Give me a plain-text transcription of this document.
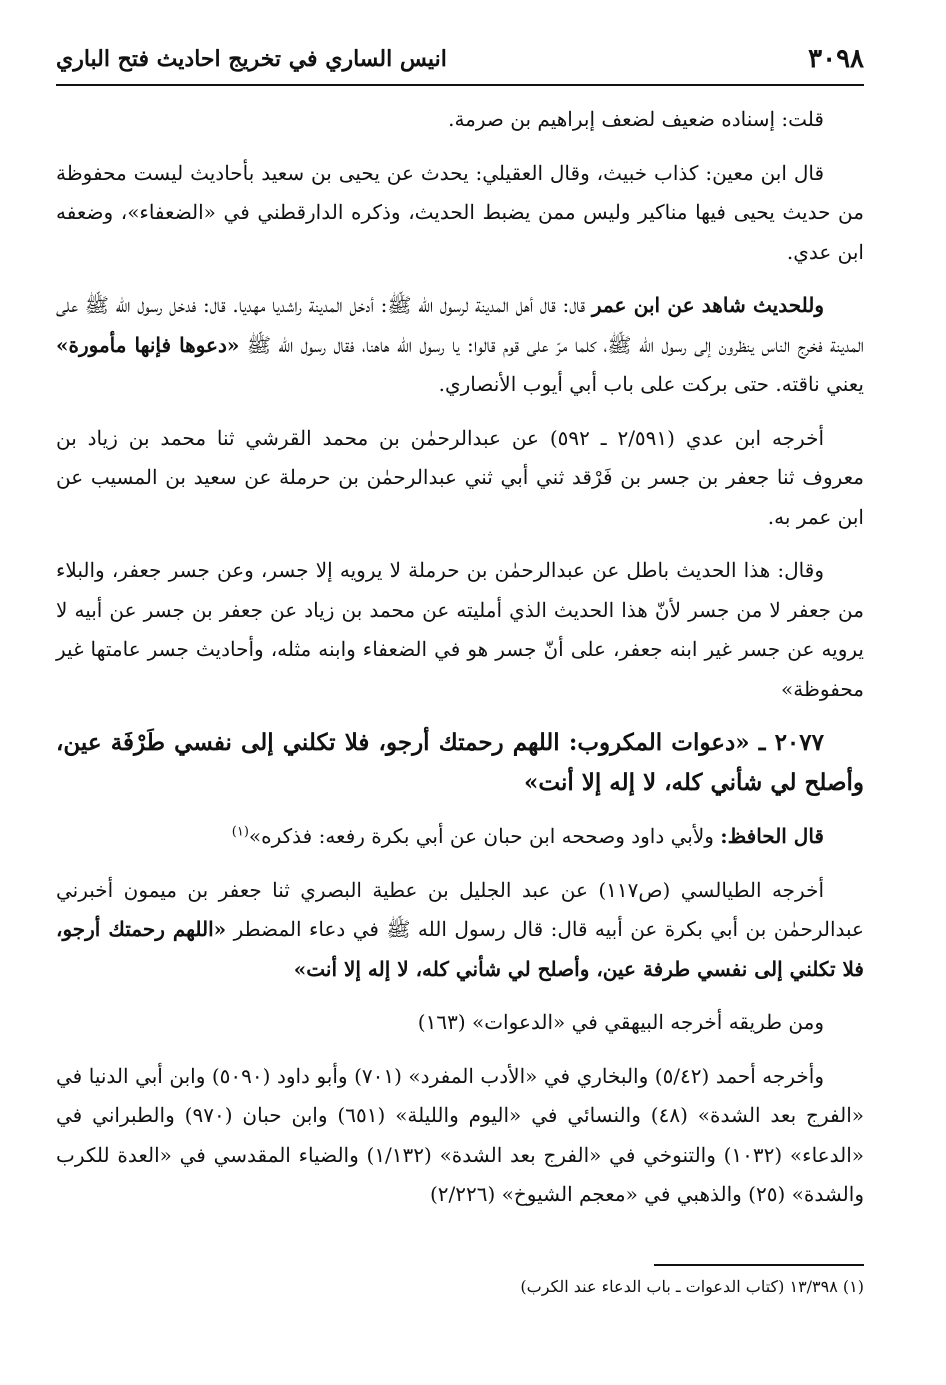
٣٠٩٨
انيس الساري في تخريج احاديث فتح الباري

قلت: إسناده ضعيف لضعف إبراهيم بن صرمة.

قال ابن معين: كذاب خبيث، وقال العقيلي: يحدث عن يحيى بن سعيد بأحاديث ليست محفوظة من حديث يحيى فيها مناكير وليس ممن يضبط الحديث، وذكره الدارقطني في «الضعفاء»، وضعفه ابن عدي.

وللحديث شاهد عن ابن عمر قال: قال أهل المدينة لرسول الله ﷺ: أدخل المدينة راشديا مهديا. قال: فدخل رسول الله ﷺ على المدينة فخرج الناس ينظرون إلى رسول الله ﷺ، كلما مرّ على قوم قالوا: يا رسول الله هاهنا، فقال رسول الله ﷺ «دعوها فإنها مأمورة» يعني ناقته. حتى بركت على باب أبي أيوب الأنصاري.

أخرجه ابن عدي (٢/٥٩١ ـ ٥٩٢) عن عبدالرحمٰن بن محمد القرشي ثنا محمد بن زياد بن معروف ثنا جعفر بن جسر بن فَرْقد ثني أبي ثني عبدالرحمٰن بن حرملة عن سعيد بن المسيب عن ابن عمر به.

وقال: هذا الحديث باطل عن عبدالرحمٰن بن حرملة لا يرويه إلا جسر، وعن جسر جعفر، والبلاء من جعفر لا من جسر لأنّ هذا الحديث الذي أمليته عن محمد بن زياد عن جعفر بن جسر عن أبيه لا يرويه عن جسر غير ابنه جعفر، على أنّ جسر هو في الضعفاء وابنه مثله، وأحاديث جسر عامتها غير محفوظة»

٢٠٧٧ ـ «دعوات المكروب: اللهم رحمتك أرجو، فلا تكلني إلى نفسي طَرْفَة عين، وأصلح لي شأني كله، لا إله إلا أنت»

قال الحافظ: ولأبي داود وصححه ابن حبان عن أبي بكرة رفعه: فذكره»$^{(١)}$

أخرجه الطيالسي (ص١١٧) عن عبد الجليل بن عطية البصري ثنا جعفر بن ميمون أخبرني عبدالرحمٰن بن أبي بكرة عن أبيه قال: قال رسول الله ﷺ في دعاء المضطر «اللهم رحمتك أرجو، فلا تكلني إلى نفسي طرفة عين، وأصلح لي شأني كله، لا إله إلا أنت»

ومن طريقه أخرجه البيهقي في «الدعوات» (١٦٣)

وأخرجه أحمد (٥/٤٢) والبخاري في «الأدب المفرد» (٧٠١) وأبو داود (٥٠٩٠) وابن أبي الدنيا في «الفرج بعد الشدة» (٤٨) والنسائي في «اليوم والليلة» (٦٥١) وابن حبان (٩٧٠) والطبراني في «الدعاء» (١٠٣٢) والتنوخي في «الفرج بعد الشدة» (١/١٣٢) والضياء المقدسي في «العدة للكرب والشدة» (٢٥) والذهبي في «معجم الشيوخ» (٢/٢٢٦)

(١) ١٣/٣٩٨ (كتاب الدعوات ـ باب الدعاء عند الكرب)
